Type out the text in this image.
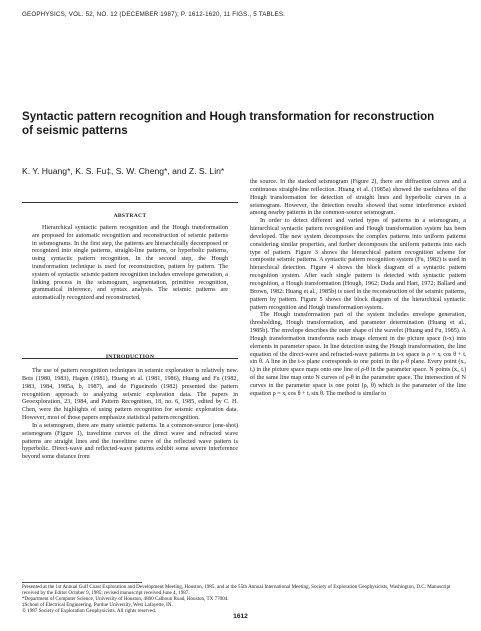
GEOPHYSICS, VOL. 52, NO. 12 (DECEMBER 1987); P. 1612-1620, 11 FIGS., 5 TABLES.
Syntactic pattern recognition and Hough transformation for reconstruction of seismic patterns
K. Y. Huang*, K. S. Fu‡, S. W. Cheng*, and Z. S. Lin*
ABSTRACT

Hierarchical syntactic pattern recognition and the Hough transformation are proposed for automatic recognition and reconstruction of seismic patterns in seismograms. In the first step, the patterns are hierarchically decomposed or recognized into single patterns, straight-line patterns, or hyperbolic patterns, using syntactic pattern recognition. In the second step, the Hough transformation technique is used for reconstruction, pattern by pattern. The system of syntactic seismic pattern recognition includes envelope generation, a linking process in the seismogram, segmentation, primitive recognition, grammatical inference, and syntax analysis. The seismic patterns are automatically recognized and reconstructed.

INTRODUCTION

The use of pattern recognition techniques in seismic exploration is relatively new. Bois (1980, 1983), Hagen (1981), Huang et al. (1981, 1986), Huang and Fu (1982, 1983, 1984, 1985a, b, 1987), and de Figueiredo (1982) presented the pattern recognition approach to analyzing seismic exploration data. The papers in Geoexploration, 23, 1984, and Pattern Recognition, 18, no. 6, 1985, edited by C. H. Chen, were the highlights of using pattern recognition for seismic exploration data. However, most of those papers emphasize statistical pattern recognition.

In a seismogram, there are many seismic patterns. In a common-source (one-shot) seismogram (Figure 1), traveltime curves of the direct wave and refracted wave patterns are straight lines and the traveltime curve of the reflected wave pattern is hyperbolic. Direct-wave and reflected-wave patterns exhibit some severe interference beyond some distance from

the source. In the stacked seismogram (Figure 2), there are diffraction curves and a continuous straight-line reflection. Huang et al. (1985a) showed the usefulness of the Hough transformation for detection of straight lines and hyperbolic curves in a seismogram. However, the detection results showed that some interference existed among nearby patterns in the common-source seismogram.

In order to detect different and varied types of patterns in a seismogram, a hierarchical syntactic pattern recognition and Hough transformation system has been developed. The new system decomposes the complex patterns into uniform patterns considering similar properties, and further decomposes the uniform patterns into each type of pattern. Figure 3 shows the hierarchical pattern recognition scheme for composite seismic patterns. A syntactic pattern recognition system (Fu, 1982) is used in hierarchical detection. Figure 4 shows the block diagram of a syntactic pattern recognition system. After each single pattern is detected with syntactic pattern recognition, a Hough transformation (Hough, 1962; Duda and Hart, 1972; Ballard and Brown, 1982; Huang et al., 1985b) is used in the reconstruction of the seismic patterns, pattern by pattern. Figure 5 shows the block diagram of the hierarchical syntactic pattern recognition and Hough transformation system.

The Hough transformation part of the system includes envelope generation, thresholding, Hough transformation, and parameter determination (Huang et al., 1985b). The envelope describes the outer shape of the wavelet (Huang and Fu, 1985). A Hough transformation transforms each image element in the picture space (t-x) into elements in parameter space. In line detection using the Hough transformation, the line equation of the direct-wave and refracted-wave patterns in t-x space is ρ = xᵢ cos θ + tᵢ sin θ. A line in the t-x plane corresponds to one point in the ρ-θ plane. Every point (xᵢ, tᵢ) in the picture space maps onto one line of ρ-θ in the parameter space. N points (xᵢ, tᵢ) of the same line map onto N curves of ρ-θ in the parameter space. The intersection of N curves in the parameter space is one point (ρ, θ) which is the parameter of the line equation ρ = xᵢ cos θ + tᵢ sin θ. The method is similar to

Presented at the 1st Annual Gulf Coast Exploration and Development Meeting, Houston, 1985, and at the 55th Annual International Meeting, Society of Exploration Geophysicists, Washington, D.C. Manuscript received by the Editor October 9, 1985; revised manuscript received June 4, 1987.
*Department of Computer Science, University of Houston, 4800 Calhoun Road, Houston, TX 77004.
‡School of Electrical Engineering, Purdue University, West Lafayette, IN.
© 1987 Society of Exploration Geophysicists. All rights reserved.
1612
